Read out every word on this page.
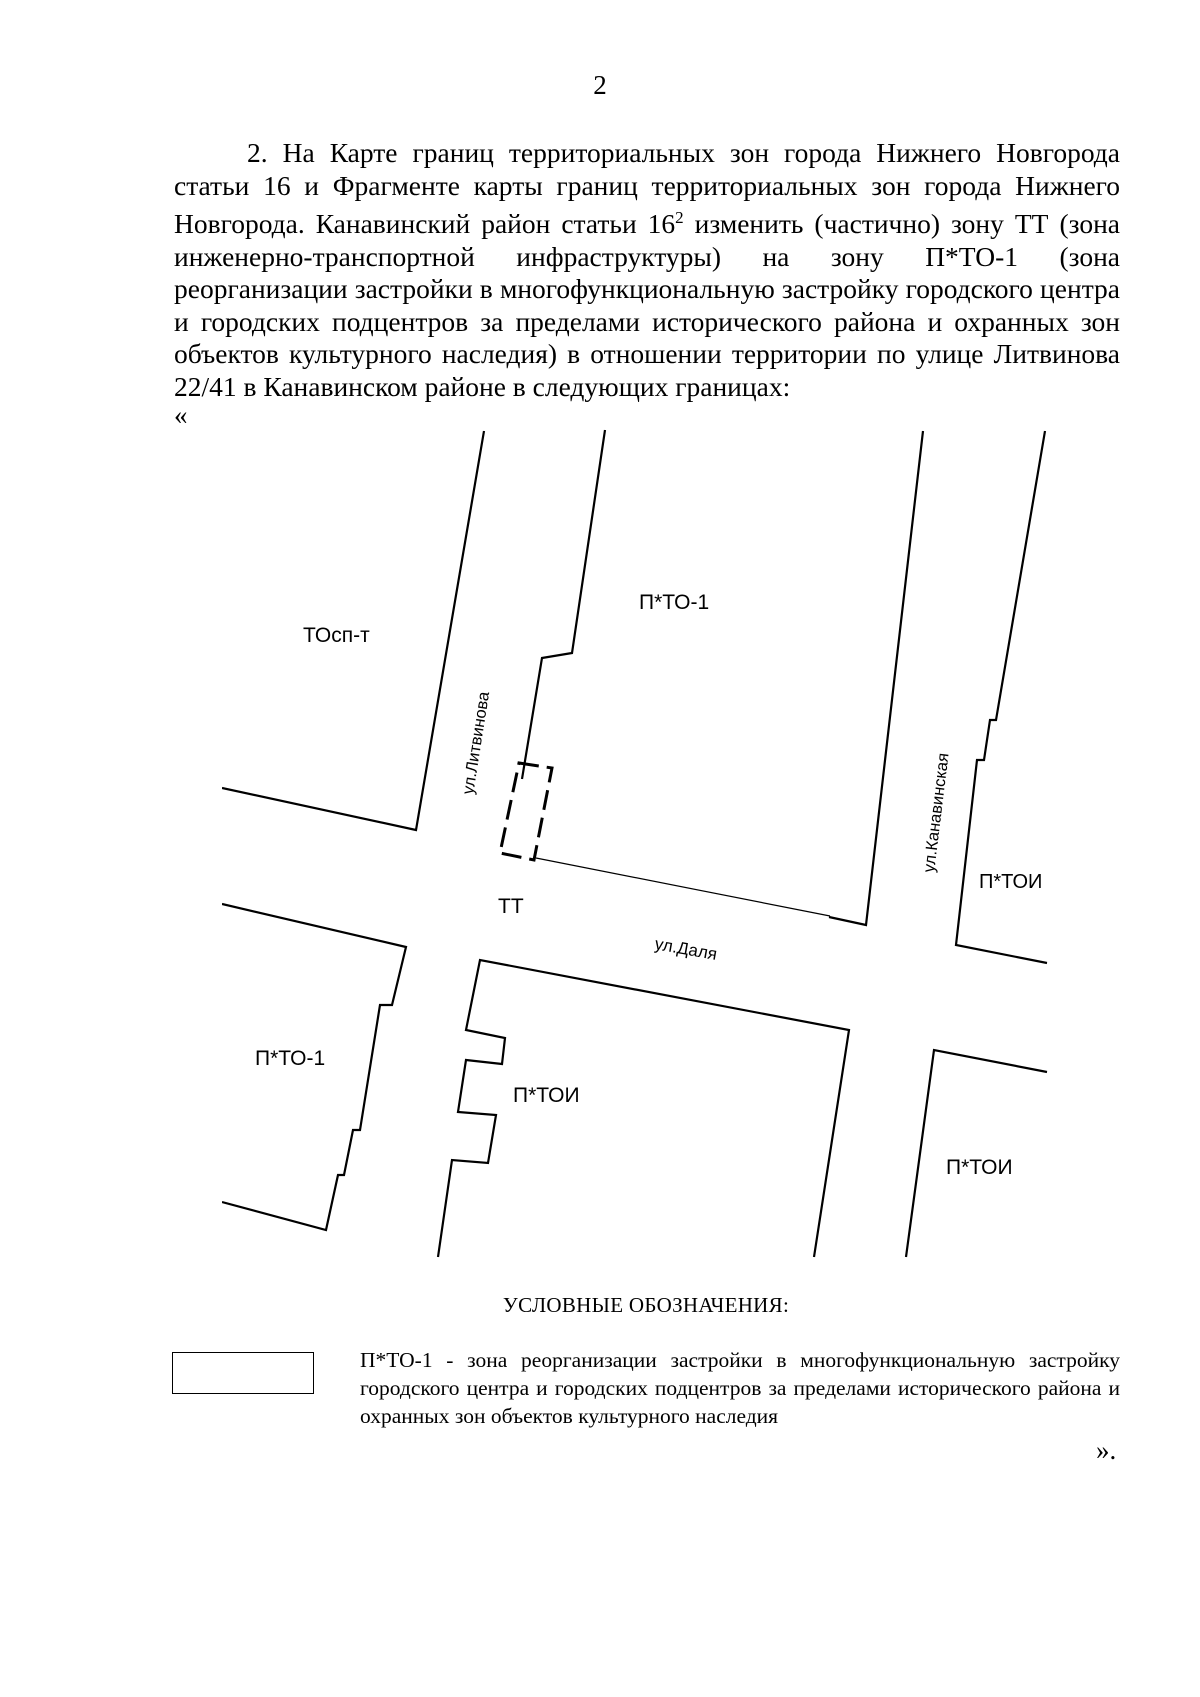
2

2. На Карте границ территориальных зон города Нижнего Новгорода статьи 16 и Фрагменте карты границ территориальных зон города Нижнего Новгорода. Канавинский район статьи $16^2$ изменить (частично) зону ТТ (зона инженерно-транспортной инфраструктуры) на зону П*ТО-1 (зона реорганизации застройки в многофункциональную застройку городского центра и городских подцентров за пределами исторического района и охранных зон объектов культурного наследия) в отношении территории по улице Литвинова 22/41 в Канавинском районе в следующих границах:

«
ТОсп-т
П*ТО-1
ТТ
П*ТОИ
П*ТО-1
П*ТОИ
П*ТОИ
ул.Литвинова
ул.Канавинская
ул.Даля
УСЛОВНЫЕ ОБОЗНАЧЕНИЯ:

П*ТО-1 - зона реорганизации застройки в многофункциональную застройку городского центра и городских подцентров за пределами исторического района и охранных зон объектов культурного наследия

».
